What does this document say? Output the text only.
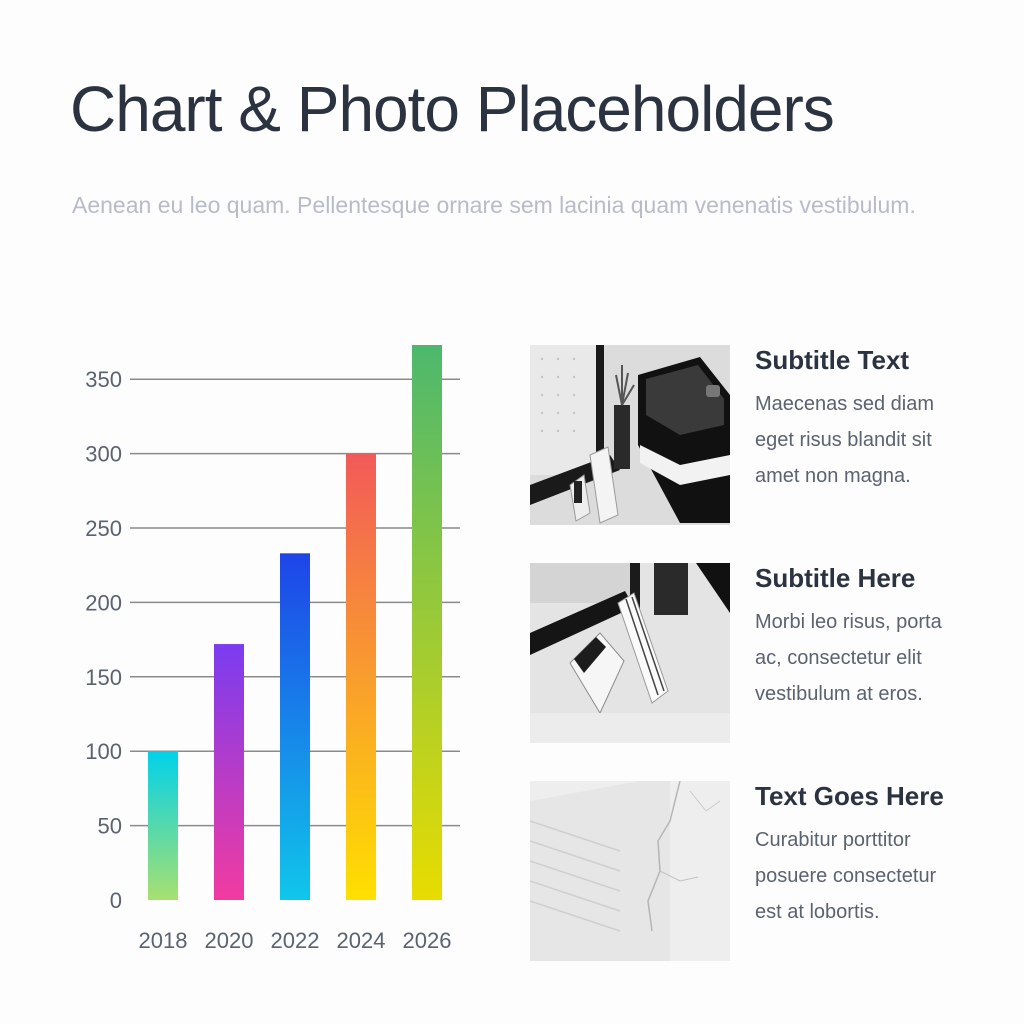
Chart & Photo Placeholders

Aenean eu leo quam. Pellentesque ornare sem lacinia quam venenatis vestibulum.

0
50
100
150
200
250
300
350
2018 2020 2022 2024 2026
Subtitle Text

Maecenas sed diam
eget risus blandit sit
amet non magna.

Subtitle Here

Morbi leo risus, porta
ac, consectetur elit
vestibulum at eros.

Text Goes Here

Curabitur porttitor
posuere consectetur
est at lobortis.
